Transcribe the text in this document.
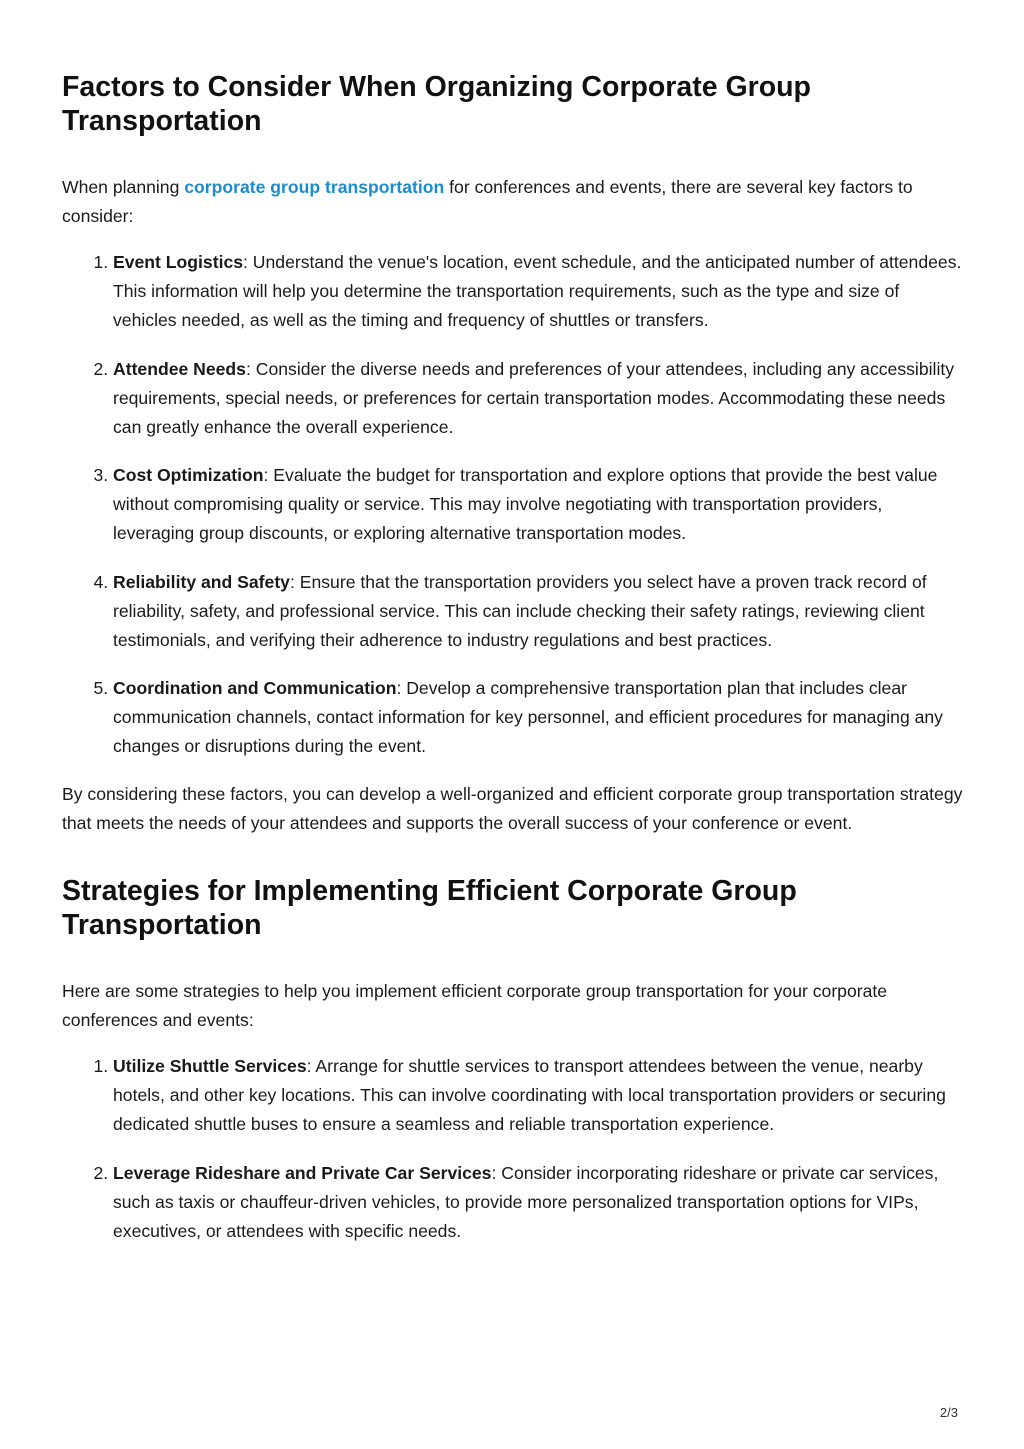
Factors to Consider When Organizing Corporate Group Transportation

When planning corporate group transportation for conferences and events, there are several key factors to consider:

1. Event Logistics: Understand the venue's location, event schedule, and the anticipated number of attendees. This information will help you determine the transportation requirements, such as the type and size of vehicles needed, as well as the timing and frequency of shuttles or transfers.
2. Attendee Needs: Consider the diverse needs and preferences of your attendees, including any accessibility requirements, special needs, or preferences for certain transportation modes. Accommodating these needs can greatly enhance the overall experience.
3. Cost Optimization: Evaluate the budget for transportation and explore options that provide the best value without compromising quality or service. This may involve negotiating with transportation providers, leveraging group discounts, or exploring alternative transportation modes.
4. Reliability and Safety: Ensure that the transportation providers you select have a proven track record of reliability, safety, and professional service. This can include checking their safety ratings, reviewing client testimonials, and verifying their adherence to industry regulations and best practices.
5. Coordination and Communication: Develop a comprehensive transportation plan that includes clear communication channels, contact information for key personnel, and efficient procedures for managing any changes or disruptions during the event.

By considering these factors, you can develop a well-organized and efficient corporate group transportation strategy that meets the needs of your attendees and supports the overall success of your conference or event.

Strategies for Implementing Efficient Corporate Group Transportation

Here are some strategies to help you implement efficient corporate group transportation for your corporate conferences and events:

1. Utilize Shuttle Services: Arrange for shuttle services to transport attendees between the venue, nearby hotels, and other key locations. This can involve coordinating with local transportation providers or securing dedicated shuttle buses to ensure a seamless and reliable transportation experience.
2. Leverage Rideshare and Private Car Services: Consider incorporating rideshare or private car services, such as taxis or chauffeur-driven vehicles, to provide more personalized transportation options for VIPs, executives, or attendees with specific needs.
2/3
